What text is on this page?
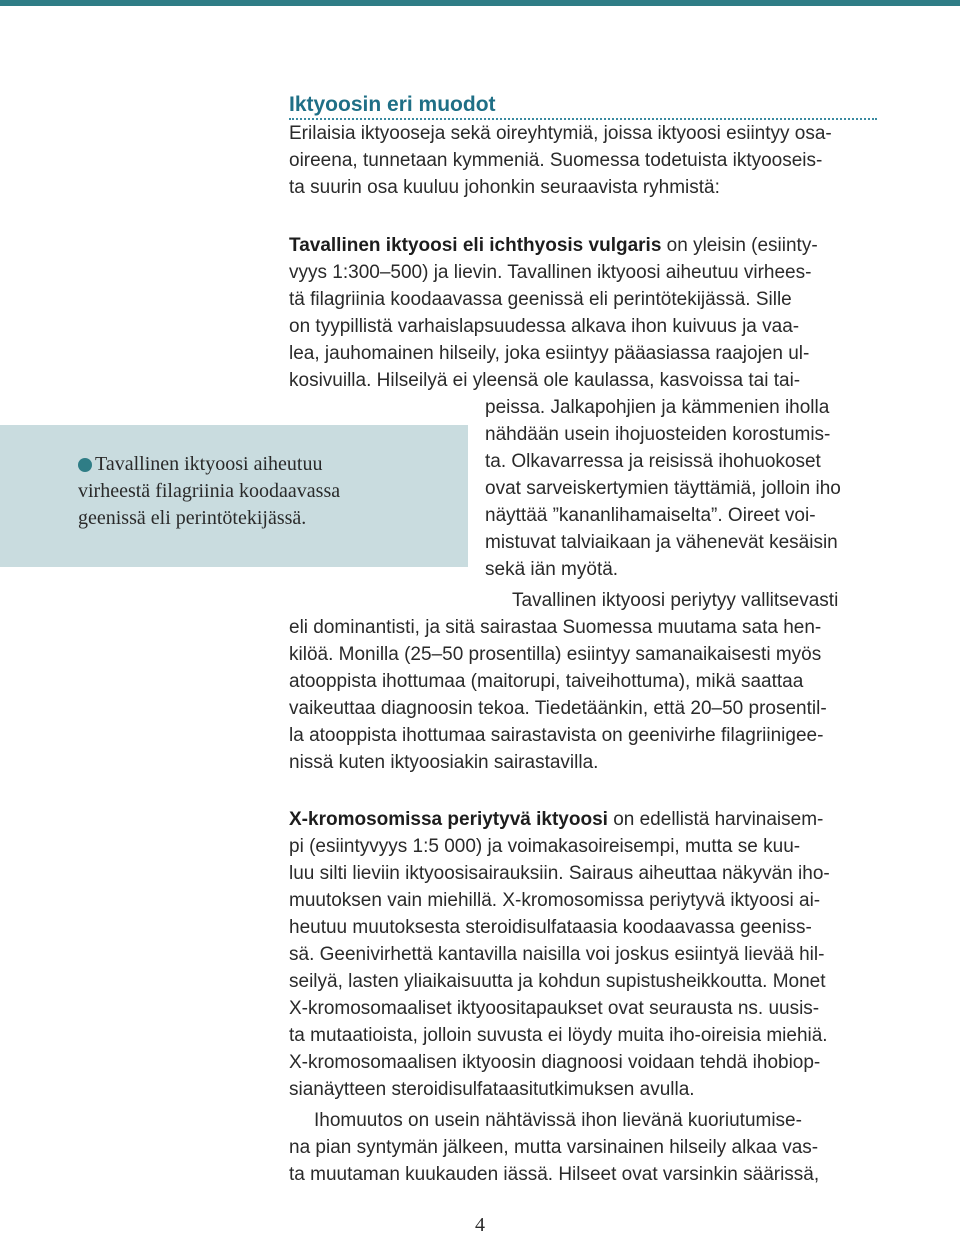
Iktyoosin eri muodot
Erilaisia iktyooseja sekä oireyhtymiä, joissa iktyoosi esiintyy osa-
oireena, tunnetaan kymmeniä. Suomessa todetuista iktyooseis-
ta suurin osa kuuluu johonkin seuraavista ryhmistä:
Tavallinen iktyoosi aiheutuu
virheestä filagriinia koodaavassa
geenissä eli perintötekijässä.
Tavallinen iktyoosi eli ichthyosis vulgaris on yleisin (esiinty-
vyys 1:300–500) ja lievin. Tavallinen iktyoosi aiheutuu virhees-
tä filagriinia koodaavassa geenissä eli perintötekijässä. Sille
on tyypillistä varhaislapsuudessa alkava ihon kuivuus ja vaa-
lea, jauhomainen hilseily, joka esiintyy pääasiassa raajojen ul-
kosivuilla. Hilseilyä ei yleensä ole kaulassa, kasvoissa tai tai-
peissa. Jalkapohjien ja kämmenien iholla
nähdään usein ihojuosteiden korostumis-
ta. Olkavarressa ja reisissä ihohuokoset
ovat sarveiskertymien täyttämiä, jolloin iho
näyttää ”kananlihamaiselta”. Oireet voi-
mistuvat talviaikaan ja vähenevät kesäisin
sekä iän myötä.
Tavallinen iktyoosi periytyy vallitsevasti
eli dominantisti, ja sitä sairastaa Suomessa muutama sata hen-
kilöä. Monilla (25–50 prosentilla) esiintyy samanaikaisesti myös
atooppista ihottumaa (maitorupi, taiveihottuma), mikä saattaa
vaikeuttaa diagnoosin tekoa. Tiedetäänkin, että 20–50 prosentil-
la atooppista ihottumaa sairastavista on geenivirhe filagriinigee-
nissä kuten iktyoosiakin sairastavilla.
X-kromosomissa periytyvä iktyoosi on edellistä harvinaisem-
pi (esiintyvyys 1:5 000) ja voimakasoireisempi, mutta se kuu-
luu silti lieviin iktyoosisairauksiin. Sairaus aiheuttaa näkyvän iho-
muutoksen vain miehillä. X-kromosomissa periytyvä iktyoosi ai-
heutuu muutoksesta steroidisulfataasia koodaavassa geeniss-
sä. Geenivirhettä kantavilla naisilla voi joskus esiintyä lievää hil-
seilyä, lasten yliaikaisuutta ja kohdun supistusheikkoutta. Monet
X-kromosomaaliset iktyoositapaukset ovat seurausta ns. uusis-
ta mutaatioista, jolloin suvusta ei löydy muita iho-oireisia miehiä.
X-kromosomaalisen iktyoosin diagnoosi voidaan tehdä ihobiop-
sianäytteen steroidisulfataasitutkimuksen avulla.
Ihomuutos on usein nähtävissä ihon lievänä kuoriutumise-
na pian syntymän jälkeen, mutta varsinainen hilseily alkaa vas-
ta muutaman kuukauden iässä. Hilseet ovat varsinkin säärissä,
4
